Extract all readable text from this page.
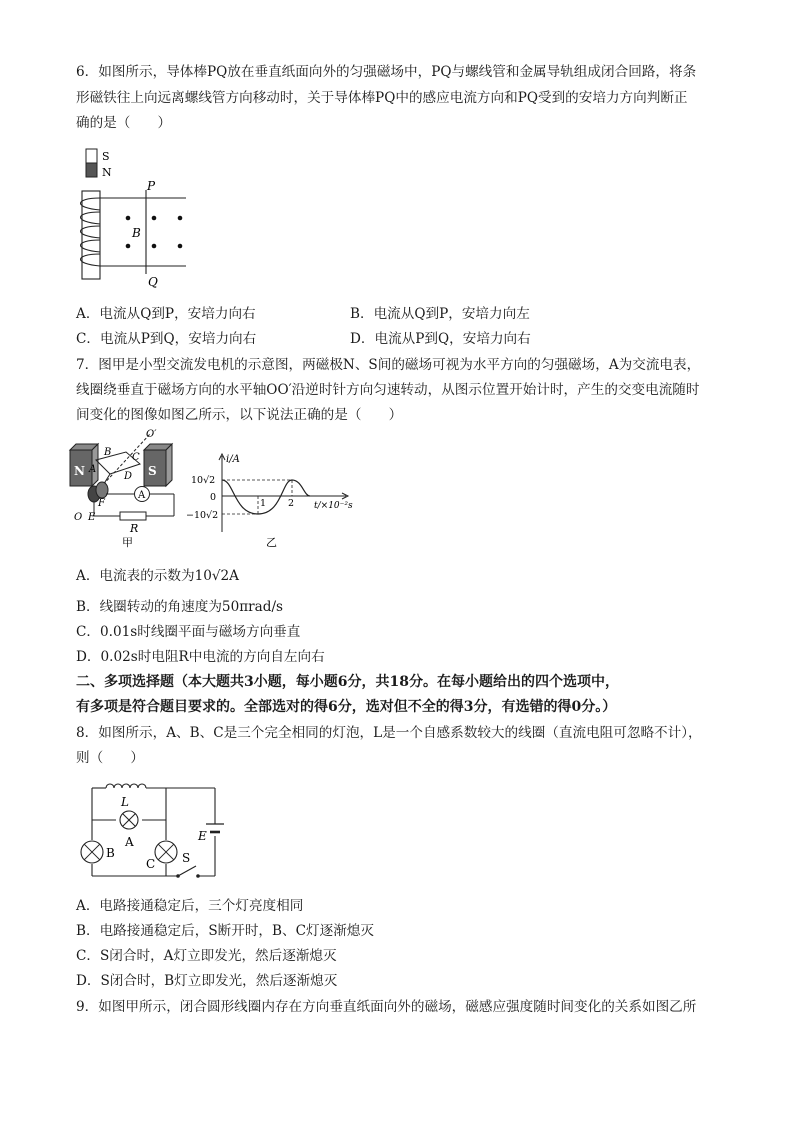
6．如图所示，导体棒PQ放在垂直纸面向外的匀强磁场中，PQ与螺线管和金属导轨组成闭合回路，将条
形磁铁往上向远离螺线管方向移动时，关于导体棒PQ中的感应电流方向和PQ受到的安培力方向判断正
确的是（　　）
S
N
P
Q
B
A．电流从Q到P，安培力向右	B．电流从Q到P，安培力向左
C．电流从P到Q，安培力向右	D．电流从P到Q，安培力向右
7．图甲是小型交流发电机的示意图，两磁极N、S间的磁场可视为水平方向的匀强磁场，A为交流电表，
线圈绕垂直于磁场方向的水平轴OO′沿逆时针方向匀速转动，从图示位置开始计时，产生的交变电流随时
间变化的图像如图乙所示，以下说法正确的是（　　）
N	S
O′
B
A
C
D
F
E
O
A
R
甲
i/A
10√2
0
−10√2
1 2 t/×10⁻²s
乙
A．电流表的示数为10√2A
B．线圈转动的角速度为50πrad/s
C．0.01s时线圈平面与磁场方向垂直
D．0.02s时电阻R中电流的方向自左向右
二、多项选择题（本大题共3小题，每小题6分，共18分。在每小题给出的四个选项中，
有多项是符合题目要求的。全部选对的得6分，选对但不全的得3分，有选错的得0分。）
8．如图所示，A、B、C是三个完全相同的灯泡，L是一个自感系数较大的线圈（直流电阻可忽略不计），
则（　　）
L
A
B
C
E
S
A．电路接通稳定后，三个灯亮度相同
B．电路接通稳定后，S断开时，B、C灯逐渐熄灭
C．S闭合时，A灯立即发光，然后逐渐熄灭
D．S闭合时，B灯立即发光，然后逐渐熄灭
9．如图甲所示，闭合圆形线圈内存在方向垂直纸面向外的磁场，磁感应强度随时间变化的关系如图乙所
